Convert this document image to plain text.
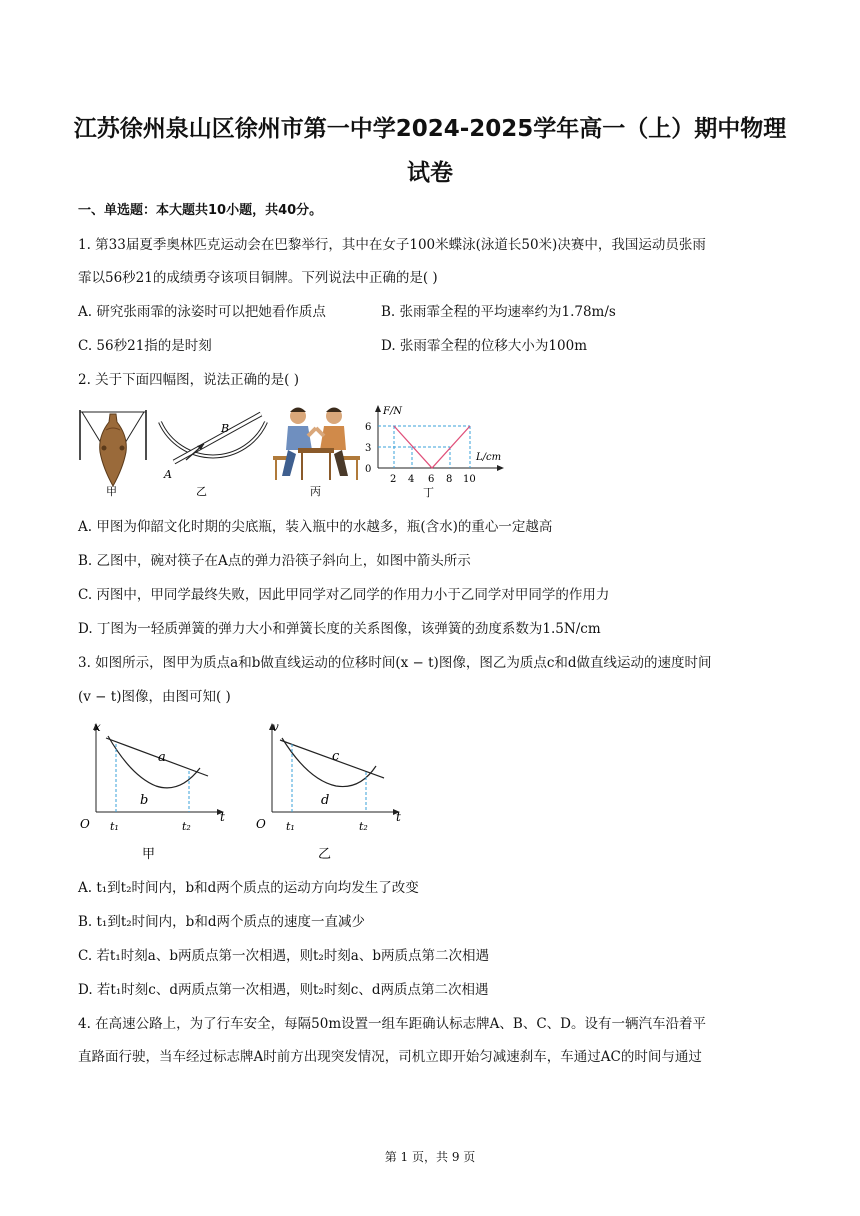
江苏徐州泉山区徐州市第一中学2024-2025学年高一（上）期中物理
试卷
一、单选题：本大题共10小题，共40分。
1. 第33届夏季奥林匹克运动会在巴黎举行，其中在女子100米蝶泳(泳道长50米)决赛中，我国运动员张雨
霏以56秒21的成绩勇夺该项目铜牌。下列说法中正确的是( )
A. 研究张雨霏的泳姿时可以把她看作质点	B. 张雨霏全程的平均速率约为1.78m/s
C. 56秒21指的是时刻	D. 张雨霏全程的位移大小为100m
2. 关于下面四幅图，说法正确的是( )
甲
A
B
乙	丙
F/N
L/cm
0
3
6
2 4 6 8 10
丁
A. 甲图为仰韶文化时期的尖底瓶，装入瓶中的水越多，瓶(含水)的重心一定越高
B. 乙图中，碗对筷子在A点的弹力沿筷子斜向上，如图中箭头所示
C. 丙图中，甲同学最终失败，因此甲同学对乙同学的作用力小于乙同学对甲同学的作用力
D. 丁图为一轻质弹簧的弹力大小和弹簧长度的关系图像，该弹簧的劲度系数为1.5N/cm
3. 如图所示，图甲为质点a和b做直线运动的位移时间(x − t)图像，图乙为质点c和d做直线运动的速度时间
(v − t)图像，由图可知( )
x
t
O t₁	t₂
a
b
甲
v
t
O t₁	t₂
c
d
乙
A. t₁到t₂时间内，b和d两个质点的运动方向均发生了改变
B. t₁到t₂时间内，b和d两个质点的速度一直减少
C. 若t₁时刻a、b两质点第一次相遇，则t₂时刻a、b两质点第二次相遇
D. 若t₁时刻c、d两质点第一次相遇，则t₂时刻c、d两质点第二次相遇
4. 在高速公路上，为了行车安全，每隔50m设置一组车距确认标志牌A、B、C、D。设有一辆汽车沿着平
直路面行驶，当车经过标志牌A时前方出现突发情况，司机立即开始匀减速刹车，车通过AC的时间与通过
第 1 页，共 9 页
